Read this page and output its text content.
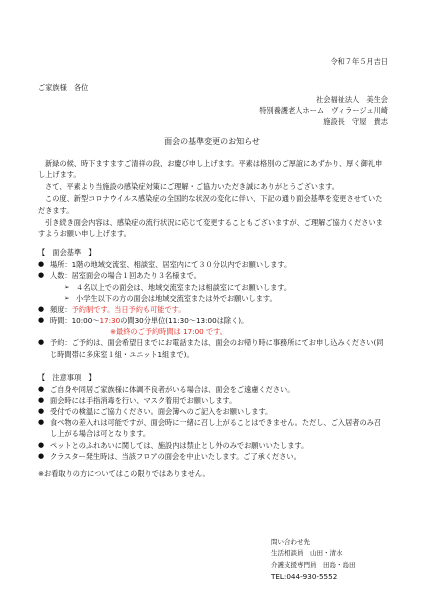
令和７年５月吉日
ご家族様　各位
社会福祉法人　美生会
特別養護老人ホーム　ヴィラージュ川崎
施設長　守屋　貴志
面会の基準変更のお知らせ

新緑の候、時下ますますご清祥の段、お慶び申し上げます。平素は格別のご厚誼にあずかり、厚く御礼申し上げます。

さて、平素より当施設の感染症対策にご理解・ご協力いただき誠にありがとうございます。

この度、新型コロナウイルス感染症の全国的な状況の変化に伴い、下記の通り面会基準を変更させていただきます。

引き続き面会内容は、感染症の流行状況に応じて変更することもございますが、ご理解ご協力くださいますようお願い申し上げます。

【　面会基準　】
● 場所：1階の地域交流室、相談室、居室内にて３０分以内でお願いします。
● 人数：居室面会の場合１回あたり３名様まで。
➢ ４名以上での面会は、地域交流室または相談室にてお願いします。
➢ 小学生以下の方の面会は地域交流室または外でお願いします。
● 頻度：予約制です。当日予約も可能です。
● 時間：10:00～17:30の間30分単位(11:30～13:00は除く)。
※最終のご予約時間は 17:00 です。
● 予約：ご予約は、面会希望日までにお電話または、面会のお帰り時に事務所にてお申し込みください(同じ時間帯に多床室１組・ユニット1組まで)。
【　注意事項　】
● ご自身や同居ご家族様に体調不良者がいる場合は、面会をご遠慮ください。
● 面会時には手指消毒を行い、マスク着用でお願いします。
● 受付での検温にご協力ください。面会簿へのご記入をお願いします。
● 食べ物の差入れは可能ですが、面会時に一緒に召し上がることはできません。ただし、ご入居者のみ召し上がる場合は可となります。
● ペットとのふれあいに関しては、施設内は禁止とし外のみでお願いいたします。
● クラスター発生時は、当該フロアの面会を中止いたします。ご了承ください。
※お看取りの方についてはこの限りではありません。
問い合わせ先
生活相談員　山田・清水
介護支援専門員　田島・島田
TEL:044-930-5552
